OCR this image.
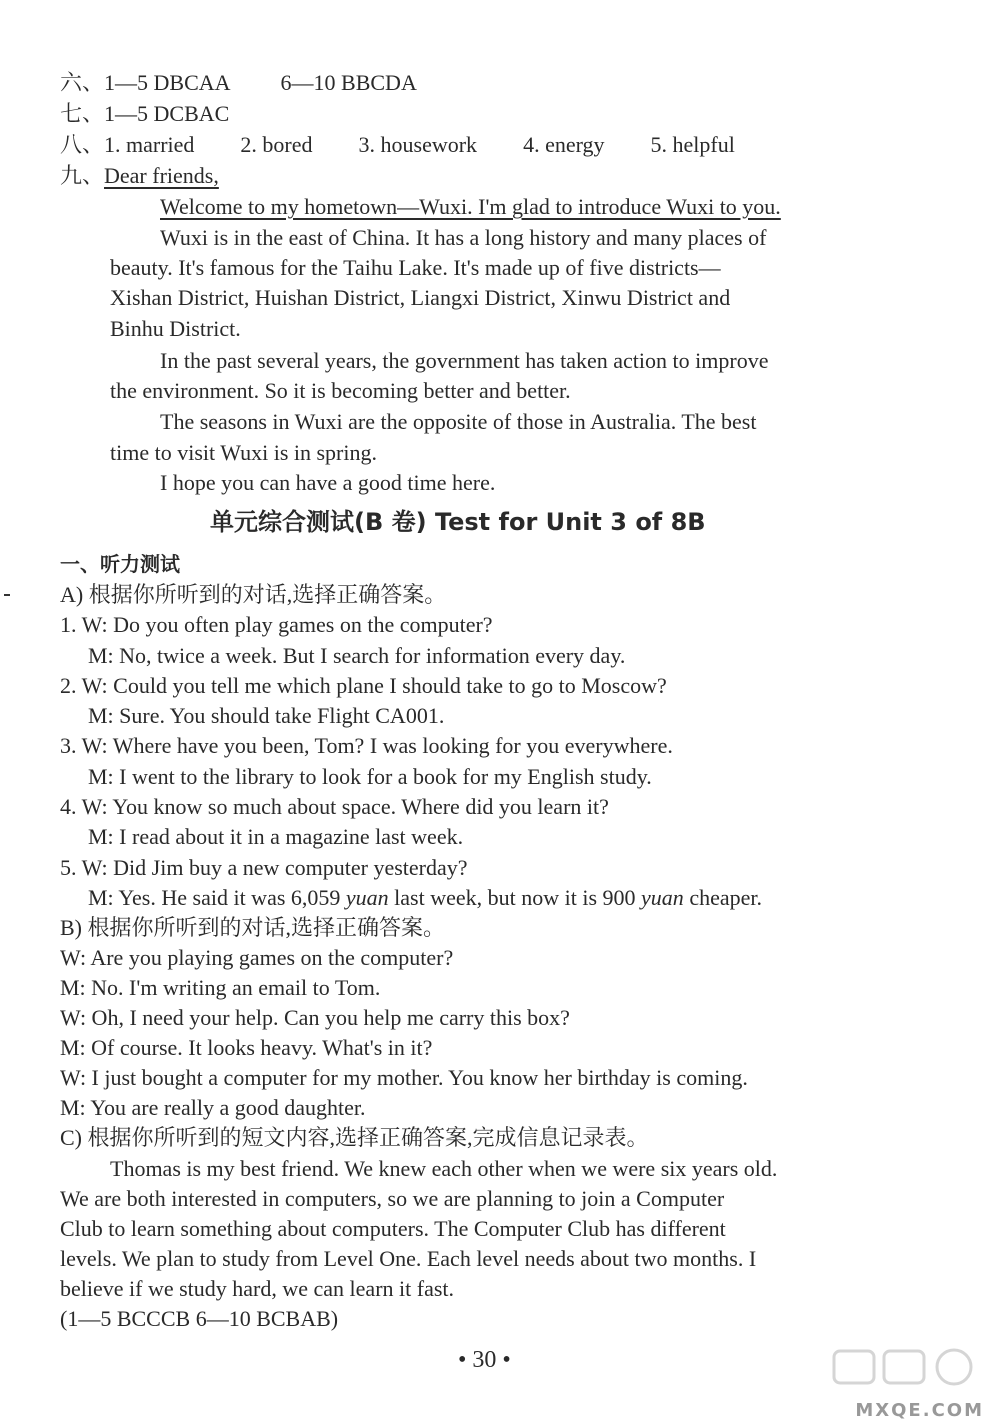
六、1—5 DBCAA 6—10 BBCDA
七、1—5 DCBAC
八、1. married 2. bored 3. housework 4. energy 5. helpful
九、Dear friends,
Welcome to my hometown—Wuxi. I'm glad to introduce Wuxi to you.
Wuxi is in the east of China. It has a long history and many places of
beauty. It's famous for the Taihu Lake. It's made up of five districts—
Xishan District, Huishan District, Liangxi District, Xinwu District and
Binhu District.
In the past several years, the government has taken action to improve
the environment. So it is becoming better and better.
The seasons in Wuxi are the opposite of those in Australia. The best
time to visit Wuxi is in spring.
I hope you can have a good time here.
单元综合测试(B 卷) Test for Unit 3 of 8B
一、听力测试
A) 根据你所听到的对话,选择正确答案。
1. W: Do you often play games on the computer?
M: No, twice a week. But I search for information every day.
2. W: Could you tell me which plane I should take to go to Moscow?
M: Sure. You should take Flight CA001.
3. W: Where have you been, Tom? I was looking for you everywhere.
M: I went to the library to look for a book for my English study.
4. W: You know so much about space. Where did you learn it?
M: I read about it in a magazine last week.
5. W: Did Jim buy a new computer yesterday?
M: Yes. He said it was 6,059 yuan last week, but now it is 900 yuan cheaper.
B) 根据你所听到的对话,选择正确答案。
W: Are you playing games on the computer?
M: No. I'm writing an email to Tom.
W: Oh, I need your help. Can you help me carry this box?
M: Of course. It looks heavy. What's in it?
W: I just bought a computer for my mother. You know her birthday is coming.
M: You are really a good daughter.
C) 根据你所听到的短文内容,选择正确答案,完成信息记录表。
Thomas is my best friend. We knew each other when we were six years old.
We are both interested in computers, so we are planning to join a Computer
Club to learn something about computers. The Computer Club has different
levels. We plan to study from Level One. Each level needs about two months. I
believe if we study hard, we can learn it fast.
(1—5 BCCCB 6—10 BCBAB)
• 30 •
MXQE.COM
